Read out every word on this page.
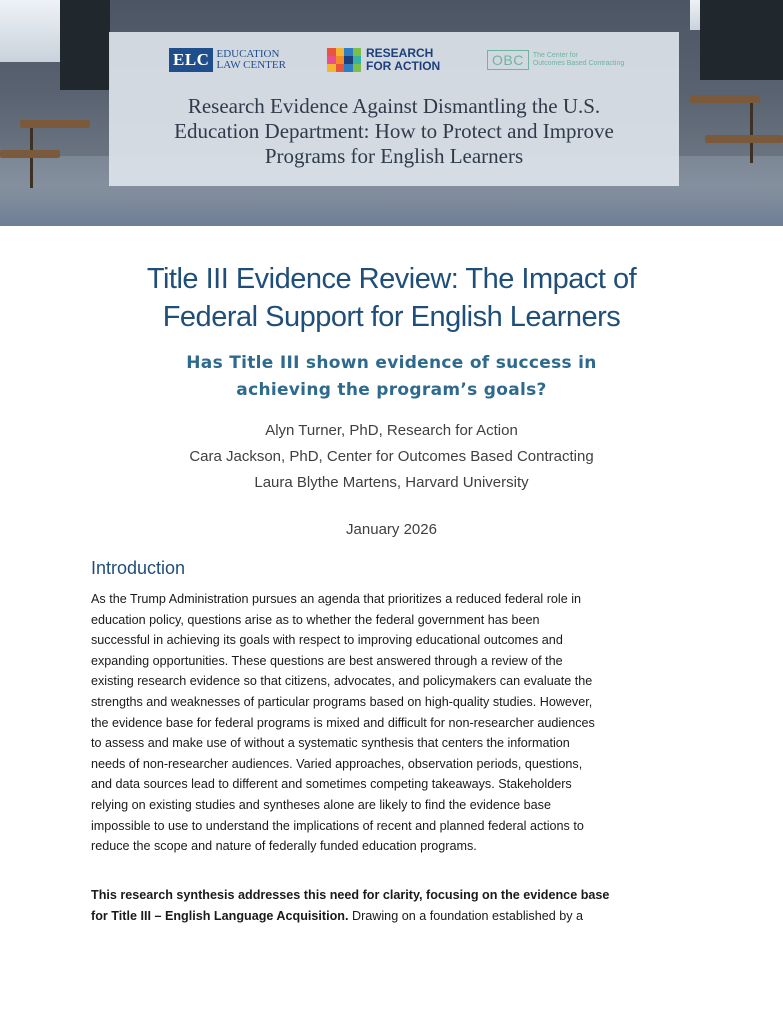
ELC EDUCATION
LAW CENTER
RESEARCH
FOR ACTION	OBC	The Center for
Outcomes Based Contracting
Research Evidence Against Dismantling the U.S.
Education Department: How to Protect and Improve
Programs for English Learners
Title III Evidence Review: The Impact of
Federal Support for English Learners
Has Title III shown evidence of success in
achieving the program’s goals?
Alyn Turner, PhD, Research for Action
Cara Jackson, PhD, Center for Outcomes Based Contracting
Laura Blythe Martens, Harvard University
January 2026
Introduction
As the Trump Administration pursues an agenda that prioritizes a reduced federal role in
education policy, questions arise as to whether the federal government has been
successful in achieving its goals with respect to improving educational outcomes and
expanding opportunities. These questions are best answered through a review of the
existing research evidence so that citizens, advocates, and policymakers can evaluate the
strengths and weaknesses of particular programs based on high-quality studies. However,
the evidence base for federal programs is mixed and difficult for non-researcher audiences
to assess and make use of without a systematic synthesis that centers the information
needs of non-researcher audiences. Varied approaches, observation periods, questions,
and data sources lead to different and sometimes competing takeaways. Stakeholders
relying on existing studies and syntheses alone are likely to find the evidence base
impossible to use to understand the implications of recent and planned federal actions to
reduce the scope and nature of federally funded education programs.
This research synthesis addresses this need for clarity, focusing on the evidence base
for Title III – English Language Acquisition. Drawing on a foundation established by a
